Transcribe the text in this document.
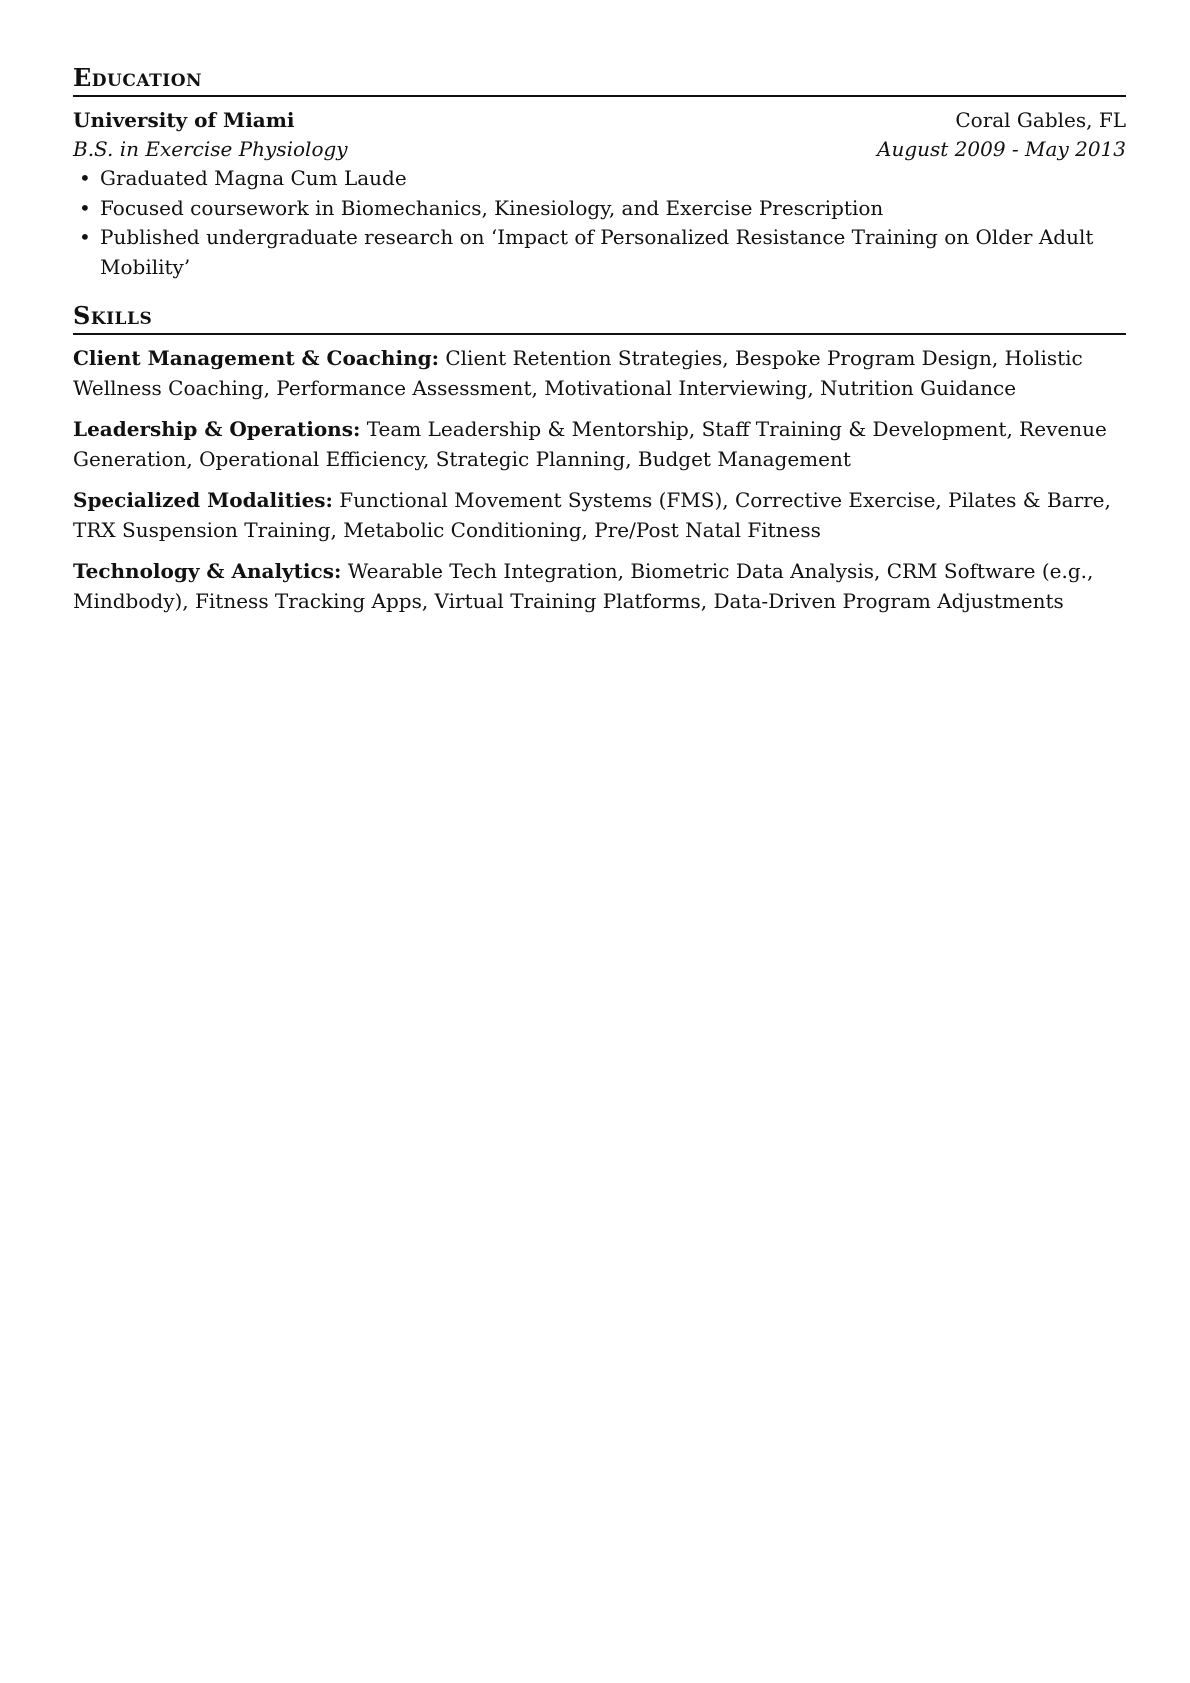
Education
University of Miami	Coral Gables, FL
B.S. in Exercise Physiology	August 2009 - May 2013
• Graduated Magna Cum Laude
• Focused coursework in Biomechanics, Kinesiology, and Exercise Prescription
• Published undergraduate research on ‘Impact of Personalized Resistance Training on Older Adult Mobility’
Skills
Client Management & Coaching: Client Retention Strategies, Bespoke Program Design, Holistic Wellness Coaching, Performance Assessment, Motivational Interviewing, Nutrition Guidance
Leadership & Operations: Team Leadership & Mentorship, Staff Training & Development, Revenue Generation, Operational Efficiency, Strategic Planning, Budget Management
Specialized Modalities: Functional Movement Systems (FMS), Corrective Exercise, Pilates & Barre, TRX Suspension Training, Metabolic Conditioning, Pre/Post Natal Fitness
Technology & Analytics: Wearable Tech Integration, Biometric Data Analysis, CRM Software (e.g., Mindbody), Fitness Tracking Apps, Virtual Training Platforms, Data-Driven Program Adjustments
